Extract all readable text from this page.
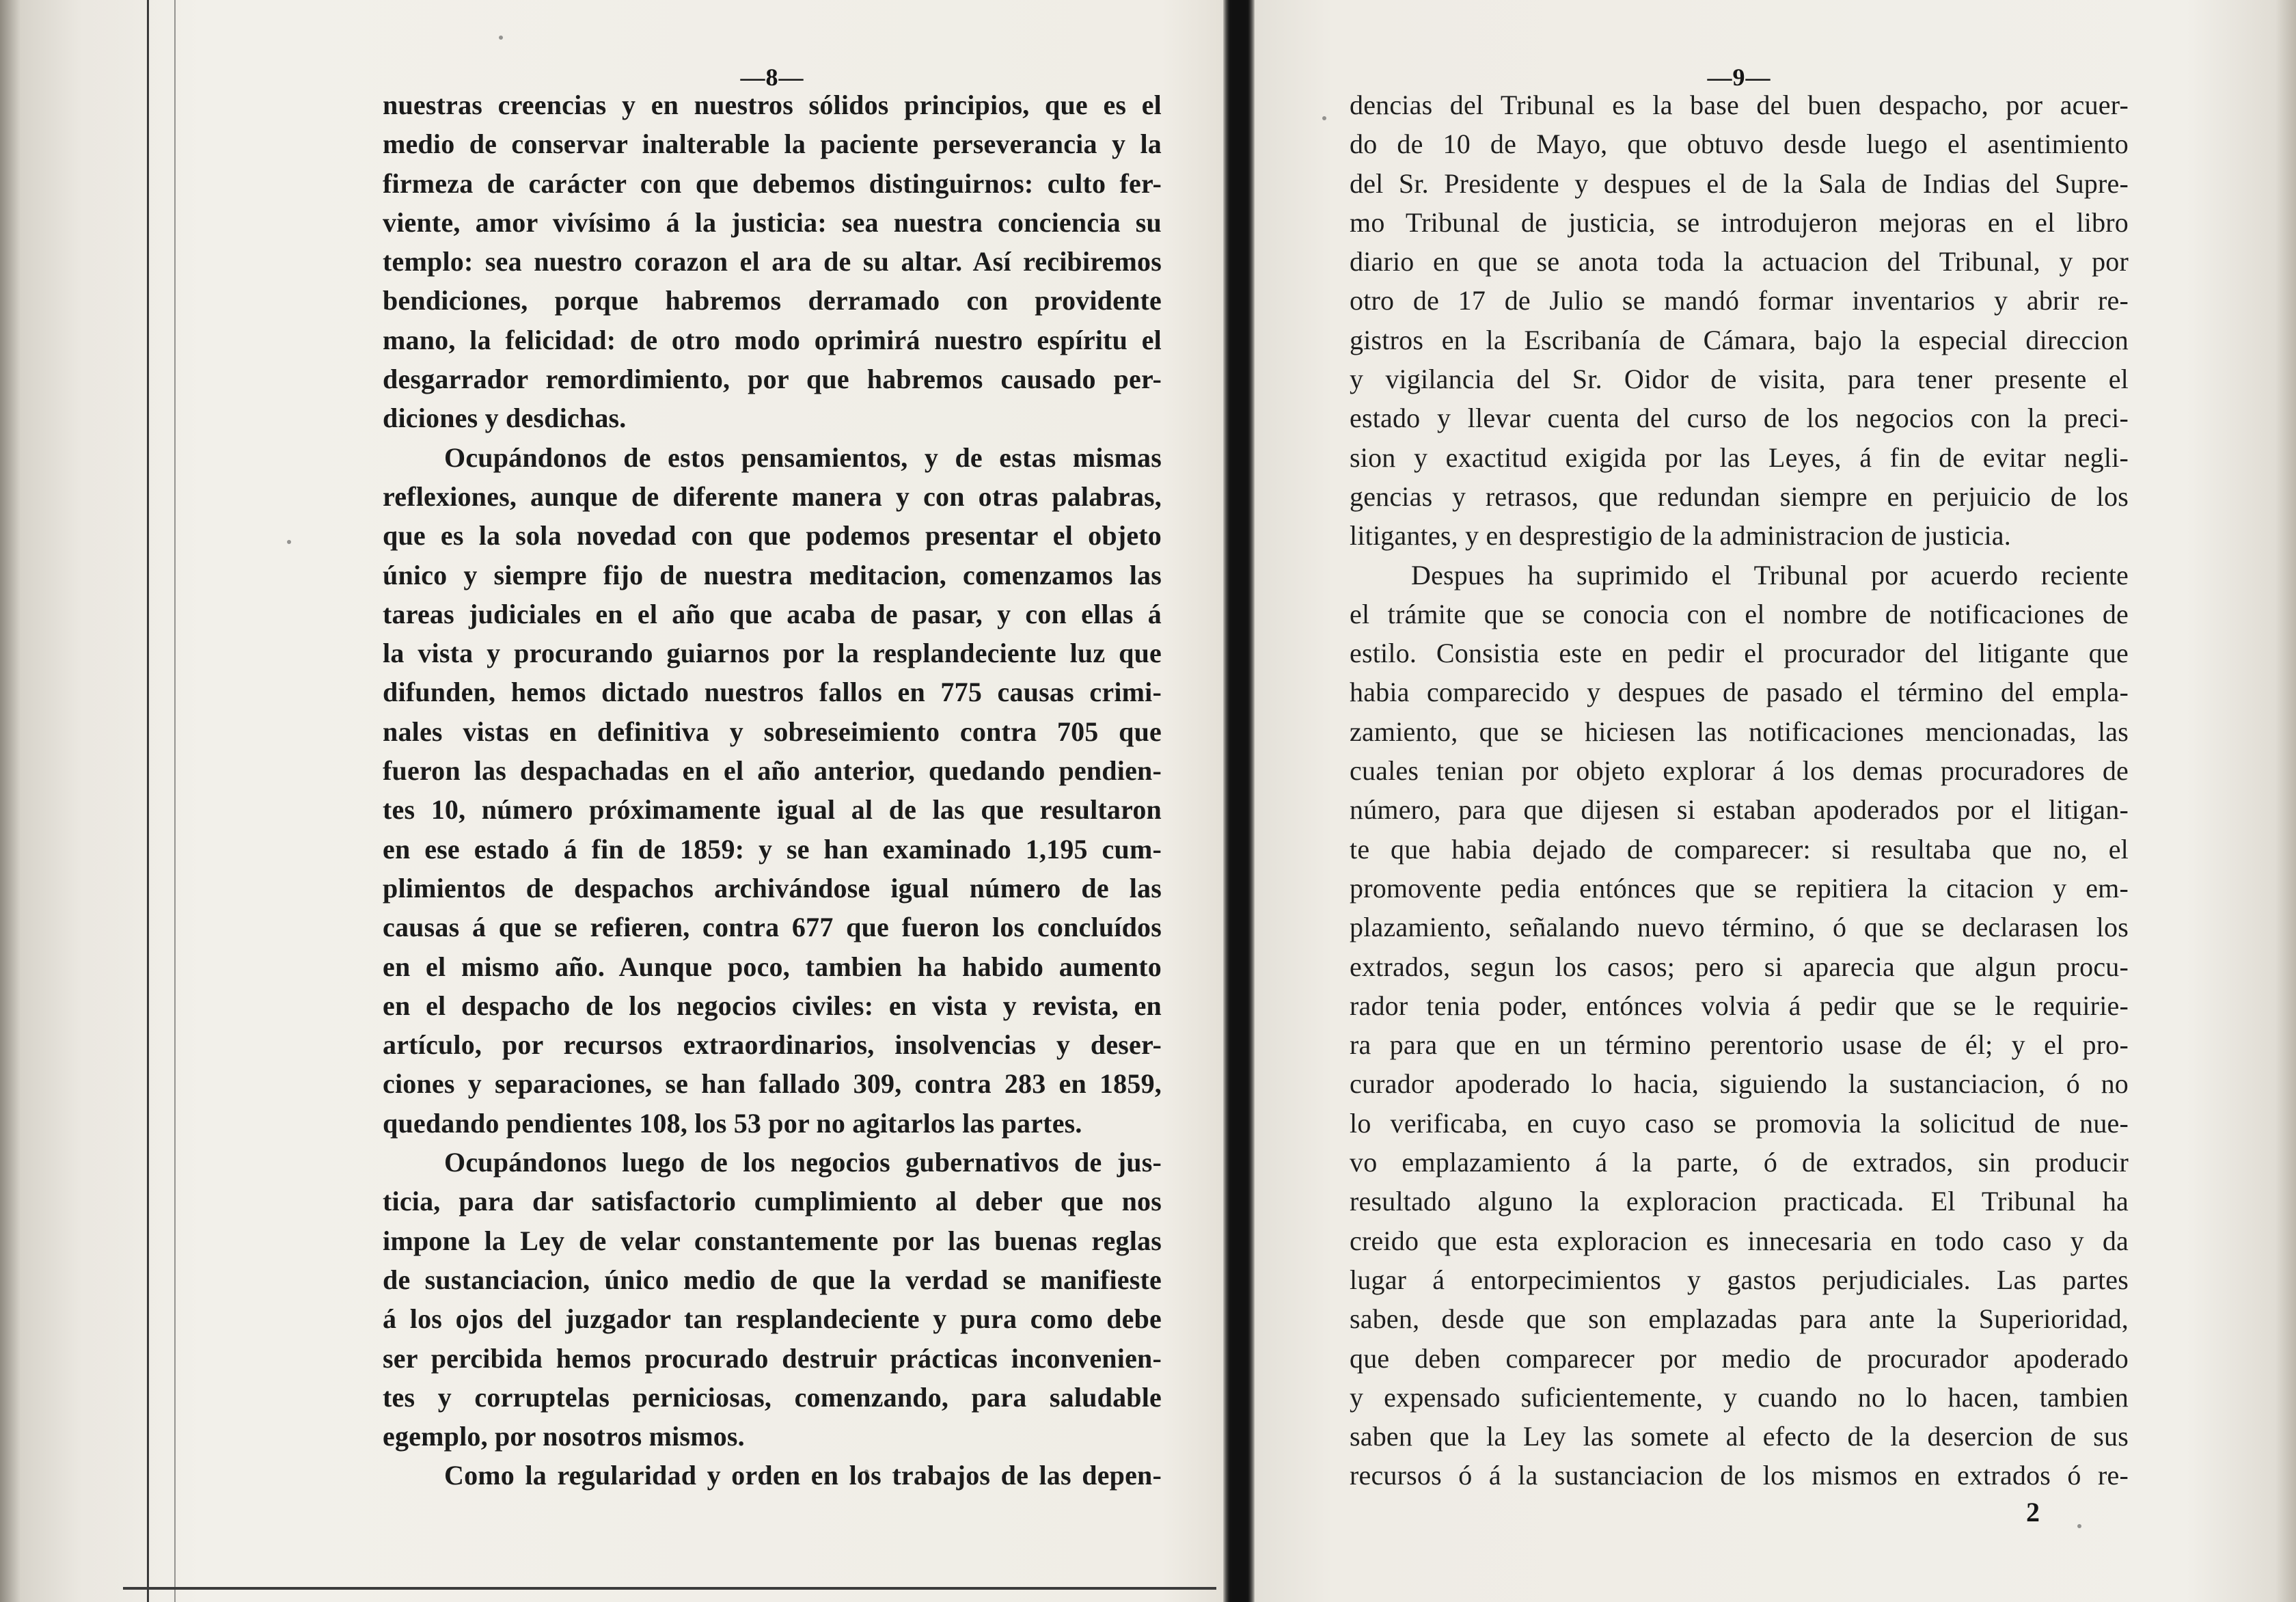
—8—
nuestras creencias y en nuestros sólidos principios, que es el
medio de conservar inalterable la paciente perseverancia y la
firmeza de carácter con que debemos distinguirnos: culto fer-
viente, amor vivísimo á la justicia: sea nuestra conciencia su
templo: sea nuestro corazon el ara de su altar. Así recibiremos
bendiciones, porque habremos derramado con providente
mano, la felicidad: de otro modo oprimirá nuestro espíritu el
desgarrador remordimiento, por que habremos causado per-
diciones y desdichas.
Ocupándonos de estos pensamientos, y de estas mismas
reflexiones, aunque de diferente manera y con otras palabras,
que es la sola novedad con que podemos presentar el objeto
único y siempre fijo de nuestra meditacion, comenzamos las
tareas judiciales en el año que acaba de pasar, y con ellas á
la vista y procurando guiarnos por la resplandeciente luz que
difunden, hemos dictado nuestros fallos en 775 causas crimi-
nales vistas en definitiva y sobreseimiento contra 705 que
fueron las despachadas en el año anterior, quedando pendien-
tes 10, número próximamente igual al de las que resultaron
en ese estado á fin de 1859: y se han examinado 1,195 cum-
plimientos de despachos archivándose igual número de las
causas á que se refieren, contra 677 que fueron los concluídos
en el mismo año. Aunque poco, tambien ha habido aumento
en el despacho de los negocios civiles: en vista y revista, en
artículo, por recursos extraordinarios, insolvencias y deser-
ciones y separaciones, se han fallado 309, contra 283 en 1859,
quedando pendientes 108, los 53 por no agitarlos las partes.
Ocupándonos luego de los negocios gubernativos de jus-
ticia, para dar satisfactorio cumplimiento al deber que nos
impone la Ley de velar constantemente por las buenas reglas
de sustanciacion, único medio de que la verdad se manifieste
á los ojos del juzgador tan resplandeciente y pura como debe
ser percibida hemos procurado destruir prácticas inconvenien-
tes y corruptelas perniciosas, comenzando, para saludable
egemplo, por nosotros mismos.
Como la regularidad y orden en los trabajos de las depen-
—9—
dencias del Tribunal es la base del buen despacho, por acuer-
do de 10 de Mayo, que obtuvo desde luego el asentimiento
del Sr. Presidente y despues el de la Sala de Indias del Supre-
mo Tribunal de justicia, se introdujeron mejoras en el libro
diario en que se anota toda la actuacion del Tribunal, y por
otro de 17 de Julio se mandó formar inventarios y abrir re-
gistros en la Escribanía de Cámara, bajo la especial direccion
y vigilancia del Sr. Oidor de visita, para tener presente el
estado y llevar cuenta del curso de los negocios con la preci-
sion y exactitud exigida por las Leyes, á fin de evitar negli-
gencias y retrasos, que redundan siempre en perjuicio de los
litigantes, y en desprestigio de la administracion de justicia.
Despues ha suprimido el Tribunal por acuerdo reciente
el trámite que se conocia con el nombre de notificaciones de
estilo. Consistia este en pedir el procurador del litigante que
habia comparecido y despues de pasado el término del empla-
zamiento, que se hiciesen las notificaciones mencionadas, las
cuales tenian por objeto explorar á los demas procuradores de
número, para que dijesen si estaban apoderados por el litigan-
te que habia dejado de comparecer: si resultaba que no, el
promovente pedia entónces que se repitiera la citacion y em-
plazamiento, señalando nuevo término, ó que se declarasen los
extrados, segun los casos; pero si aparecia que algun procu-
rador tenia poder, entónces volvia á pedir que se le requirie-
ra para que en un término perentorio usase de él; y el pro-
curador apoderado lo hacia, siguiendo la sustanciacion, ó no
lo verificaba, en cuyo caso se promovia la solicitud de nue-
vo emplazamiento á la parte, ó de extrados, sin producir
resultado alguno la exploracion practicada. El Tribunal ha
creido que esta exploracion es innecesaria en todo caso y da
lugar á entorpecimientos y gastos perjudiciales. Las partes
saben, desde que son emplazadas para ante la Superioridad,
que deben comparecer por medio de procurador apoderado
y expensado suficientemente, y cuando no lo hacen, tambien
saben que la Ley las somete al efecto de la desercion de sus
recursos ó á la sustanciacion de los mismos en extrados ó re-
2
